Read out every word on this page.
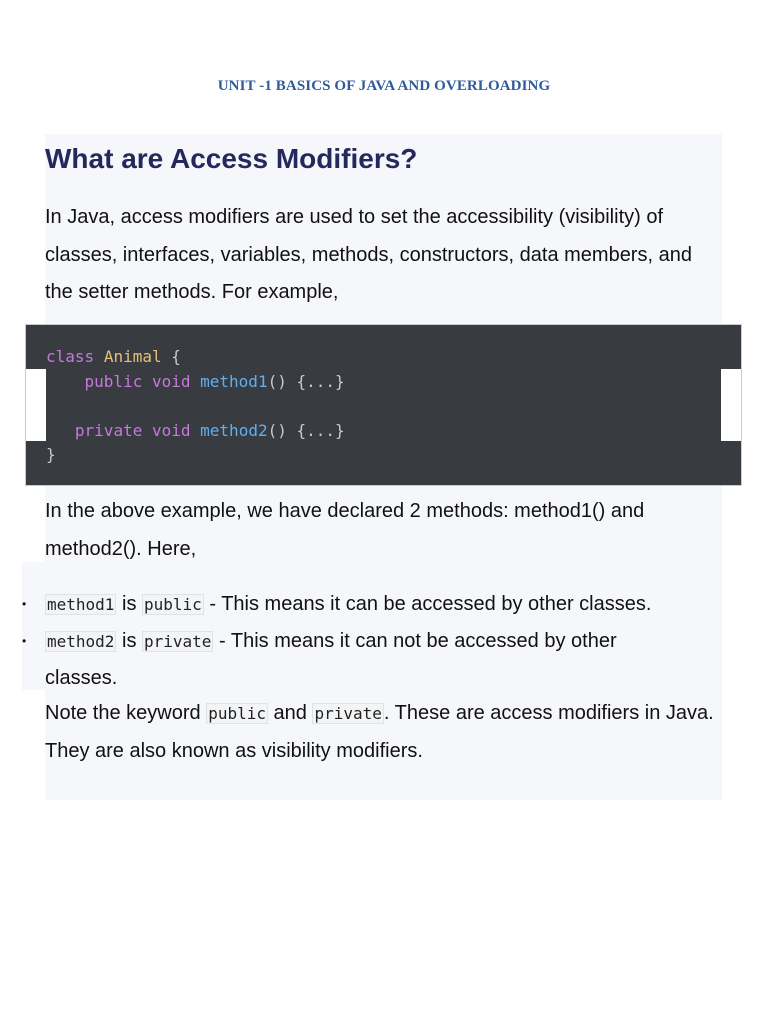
UNIT -1 BASICS OF JAVA AND OVERLOADING
What are Access Modifiers?

In Java, access modifiers are used to set the accessibility (visibility) of classes, interfaces, variables, methods, constructors, data members, and the setter methods. For example,

class Animal {
public void method1() {...}
private void method2() {...}
}

In the above example, we have declared 2 methods: method1() and method2(). Here,

• method1 is public - This means it can be accessed by other classes.
• method2 is private - This means it can not be accessed by other classes.

Note the keyword public and private . These are access modifiers in Java. They are also known as visibility modifiers.
